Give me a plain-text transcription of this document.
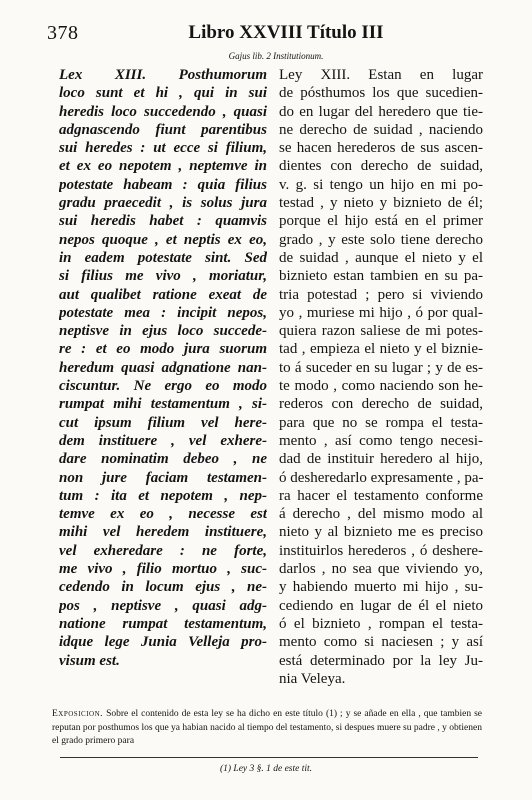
378	Libro XXVIII Título III
Gajus lib. 2 Institutionum.
Lex XIII. Posthumorum
loco sunt et hi , qui in sui
heredis loco succedendo , quasi
adgnascendo fiunt parentibus
sui heredes : ut ecce si filium,
et ex eo nepotem , neptemve in
potestate habeam : quia filius
gradu praecedit , is solus jura
sui heredis habet : quamvis
nepos quoque , et neptis ex eo,
in eadem potestate sint. Sed
si filius me vivo , moriatur,
aut qualibet ratione exeat de
potestate mea : incipit nepos,
neptisve in ejus loco succede-
re : et eo modo jura suorum
heredum quasi adgnatione nan-
ciscuntur. Ne ergo eo modo
rumpat mihi testamentum , si-
cut ipsum filium vel here-
dem instituere , vel exhere-
dare nominatim debeo , ne
non jure faciam testamen-
tum : ita et nepotem , nep-
temve ex eo , necesse est
mihi vel heredem instituere,
vel exheredare : ne forte,
me vivo , filio mortuo , suc-
cedendo in locum ejus , ne-
pos , neptisve , quasi adg-
natione rumpat testamentum,
idque lege Junia Velleja pro-
visum est.
Ley XIII. Estan en lugar
de pósthumos los que sucedien-
do en lugar del heredero que tie-
ne derecho de suidad , naciendo
se hacen herederos de sus ascen-
dientes con derecho de suidad,
v. g. si tengo un hijo en mi po-
testad , y nieto y biznieto de él;
porque el hijo está en el primer
grado , y este solo tiene derecho
de suidad , aunque el nieto y el
biznieto estan tambien en su pa-
tria potestad ; pero si viviendo
yo , muriese mi hijo , ó por qual-
quiera razon saliese de mi potes-
tad , empieza el nieto y el biznie-
to á suceder en su lugar ; y de es-
te modo , como naciendo son he-
rederos con derecho de suidad,
para que no se rompa el testa-
mento , así como tengo necesi-
dad de instituir heredero al hijo,
ó desheredarlo expresamente , pa-
ra hacer el testamento conforme
á derecho , del mismo modo al
nieto y al biznieto me es preciso
instituirlos herederos , ó deshere-
darlos , no sea que viviendo yo,
y habiendo muerto mi hijo , su-
cediendo en lugar de él el nieto
ó el biznieto , rompan el testa-
mento como si naciesen ; y así
está determinado por la ley Ju-
nia Veleya.
Exposicion. Sobre el contenido de esta ley se ha dicho en este título (1) ; y se añade en ella , que tambien se reputan por posthumos los que ya habian nacido al tiempo del testamento, si despues muere su padre , y obtienen el grado primero para
(1) Ley 3 §. 1 de este tit.
